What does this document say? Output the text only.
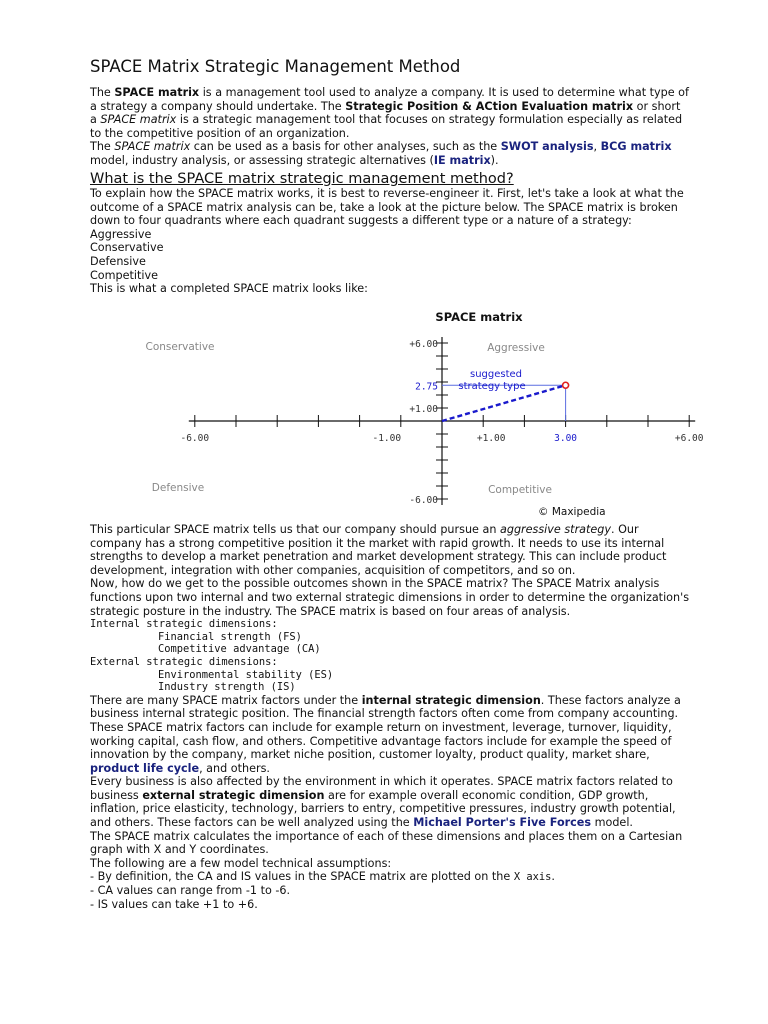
SPACE Matrix Strategic Management Method

The SPACE matrix is a management tool used to analyze a company. It is used to determine what type of a strategy a company should undertake. The Strategic Position & ACtion Evaluation matrix or short a SPACE matrix is a strategic management tool that focuses on strategy formulation especially as related to the competitive position of an organization.

The SPACE matrix can be used as a basis for other analyses, such as the SWOT analysis, BCG matrix model, industry analysis, or assessing strategic alternatives (IE matrix).

What is the SPACE matrix strategic management method?

To explain how the SPACE matrix works, it is best to reverse-engineer it. First, let's take a look at what the outcome of a SPACE matrix analysis can be, take a look at the picture below. The SPACE matrix is broken down to four quadrants where each quadrant suggests a different type or a nature of a strategy:

Aggressive
Conservative
Defensive
Competitive

This is what a completed SPACE matrix looks like:

SPACE matrix
Conservative	Aggressive
Defensive	Competitive
-6.00	-1.00	+1.00	3.00	+6.00
+6.00
2.75
+1.00
-6.00
suggested
strategy type
© Maxipedia

This particular SPACE matrix tells us that our company should pursue an aggressive strategy. Our company has a strong competitive position it the market with rapid growth. It needs to use its internal strengths to develop a market penetration and market development strategy. This can include product development, integration with other companies, acquisition of competitors, and so on.

Now, how do we get to the possible outcomes shown in the SPACE matrix? The SPACE Matrix analysis functions upon two internal and two external strategic dimensions in order to determine the organization's strategic posture in the industry. The SPACE matrix is based on four areas of analysis.

Internal strategic dimensions:
Financial strength (FS)
Competitive advantage (CA)
External strategic dimensions:
Environmental stability (ES)
Industry strength (IS)

There are many SPACE matrix factors under the internal strategic dimension. These factors analyze a business internal strategic position. The financial strength factors often come from company accounting. These SPACE matrix factors can include for example return on investment, leverage, turnover, liquidity, working capital, cash flow, and others. Competitive advantage factors include for example the speed of innovation by the company, market niche position, customer loyalty, product quality, market share, product life cycle, and others.

Every business is also affected by the environment in which it operates. SPACE matrix factors related to business external strategic dimension are for example overall economic condition, GDP growth, inflation, price elasticity, technology, barriers to entry, competitive pressures, industry growth potential, and others. These factors can be well analyzed using the Michael Porter's Five Forces model.

The SPACE matrix calculates the importance of each of these dimensions and places them on a Cartesian graph with X and Y coordinates.

The following are a few model technical assumptions:

- By definition, the CA and IS values in the SPACE matrix are plotted on the X axis.

- CA values can range from -1 to -6.

- IS values can take +1 to +6.
